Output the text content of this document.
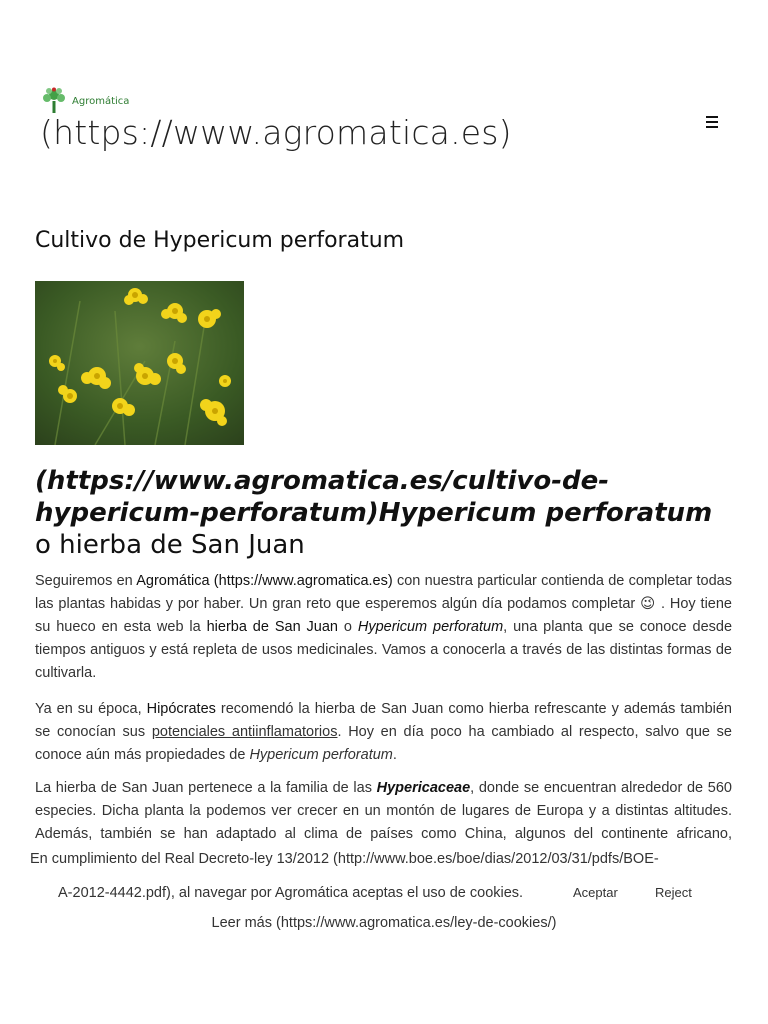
Agromática
(https://www.agromatica.es)
Cultivo de Hypericum perforatum
(https://www.agromatica.es/cultivo-de-hypericum-perforatum)Hypericum perforatum o hierba de San Juan

Seguiremos en Agromática (https://www.agromatica.es) con nuestra particular contienda de completar todas las plantas habidas y por haber. Un gran reto que esperemos algún día podamos completar 😉 . Hoy tiene su hueco en esta web la hierba de San Juan o Hypericum perforatum, una planta que se conoce desde tiempos antiguos y está repleta de usos medicinales. Vamos a conocerla a través de las distintas formas de cultivarla.

Ya en su época, Hipócrates recomendó la hierba de San Juan como hierba refrescante y además también se conocían sus potenciales antiinflamatorios. Hoy en día poco ha cambiado al respecto, salvo que se conoce aún más propiedades de Hypericum perforatum.

La hierba de San Juan pertenece a la familia de las Hypericaceae, donde se encuentran alrededor de 560 especies. Dicha planta la podemos ver crecer en un montón de lugares de Europa y a distintas altitudes. Además, también se han adaptado al clima de países como China, algunos del continente africano,

En cumplimiento del Real Decreto-ley 13/2012 (http://www.boe.es/boe/dias/2012/03/31/pdfs/BOE-
A-2012-4442.pdf), al navegar por Agromática aceptas el uso de cookies.	Aceptar	Reject
Leer más (https://www.agromatica.es/ley-de-cookies/)
